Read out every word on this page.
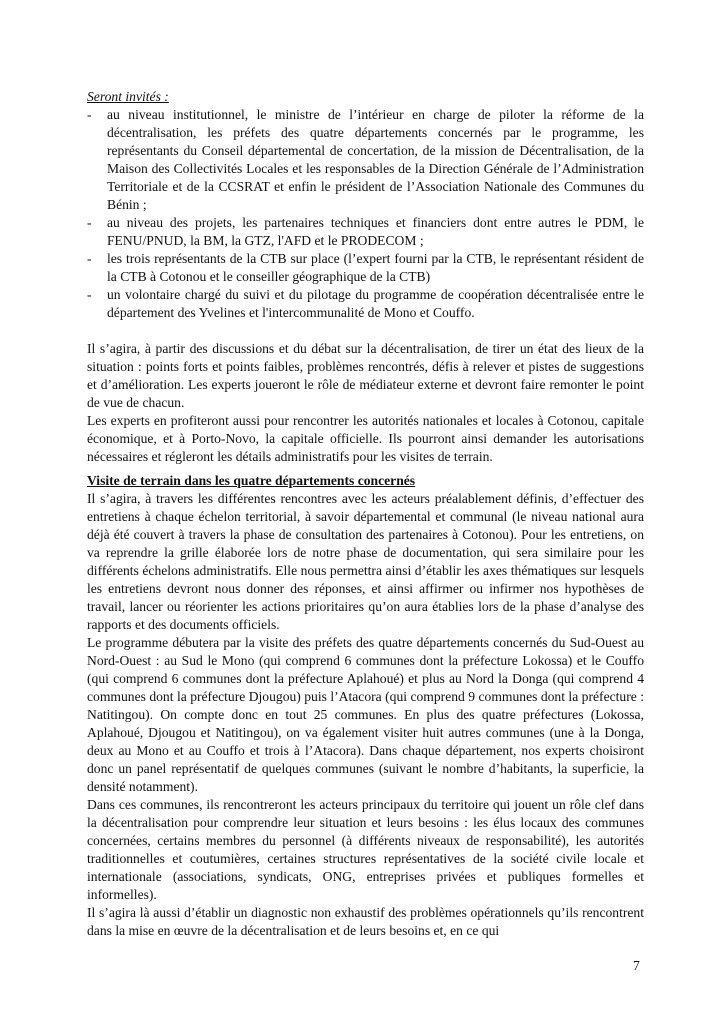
Seront invités :

- au niveau institutionnel, le ministre de l’intérieur en charge de piloter la réforme de la décentralisation, les préfets des quatre départements concernés par le programme, les représentants du Conseil départemental de concertation, de la mission de Décentralisation, de la Maison des Collectivités Locales et les responsables de la Direction Générale de l’Administration Territoriale et de la CCSRAT et enfin le président de l’Association Nationale des Communes du Bénin ;
- au niveau des projets, les partenaires techniques et financiers dont entre autres le PDM, le FENU/PNUD, la BM, la GTZ, l'AFD et le PRODECOM ;
- les trois représentants de la CTB sur place (l’expert fourni par la CTB, le représentant résident de la CTB à Cotonou et le conseiller géographique de la CTB)
- un volontaire chargé du suivi et du pilotage du programme de coopération décentralisée entre le département des Yvelines et l'intercommunalité de Mono et Couffo.

Il s’agira, à partir des discussions et du débat sur la décentralisation, de tirer un état des lieux de la situation : points forts et points faibles, problèmes rencontrés, défis à relever et pistes de suggestions et d’amélioration. Les experts joueront le rôle de médiateur externe et devront faire remonter le point de vue de chacun.

Les experts en profiteront aussi pour rencontrer les autorités nationales et locales à Cotonou, capitale économique, et à Porto-Novo, la capitale officielle. Ils pourront ainsi demander les autorisations nécessaires et régleront les détails administratifs pour les visites de terrain.

Visite de terrain dans les quatre départements concernés

Il s’agira, à travers les différentes rencontres avec les acteurs préalablement définis, d’effectuer des entretiens à chaque échelon territorial, à savoir départemental et communal (le niveau national aura déjà été couvert à travers la phase de consultation des partenaires à Cotonou). Pour les entretiens, on va reprendre la grille élaborée lors de notre phase de documentation, qui sera similaire pour les différents échelons administratifs. Elle nous permettra ainsi d’établir les axes thématiques sur lesquels les entretiens devront nous donner des réponses, et ainsi affirmer ou infirmer nos hypothèses de travail, lancer ou réorienter les actions prioritaires qu’on aura établies lors de la phase d’analyse des rapports et des documents officiels.

Le programme débutera par la visite des préfets des quatre départements concernés du Sud-Ouest au Nord-Ouest : au Sud le Mono (qui comprend 6 communes dont la préfecture Lokossa) et le Couffo (qui comprend 6 communes dont la préfecture Aplahoué) et plus au Nord la Donga (qui comprend 4 communes dont la préfecture Djougou) puis l’Atacora (qui comprend 9 communes dont la préfecture : Natitingou). On compte donc en tout 25 communes. En plus des quatre préfectures (Lokossa, Aplahoué, Djougou et Natitingou), on va également visiter huit autres communes (une à la Donga, deux au Mono et au Couffo et trois à l’Atacora). Dans chaque département, nos experts choisiront donc un panel représentatif de quelques communes (suivant le nombre d’habitants, la superficie, la densité notamment).

Dans ces communes, ils rencontreront les acteurs principaux du territoire qui jouent un rôle clef dans la décentralisation pour comprendre leur situation et leurs besoins : les élus locaux des communes concernées, certains membres du personnel (à différents niveaux de responsabilité), les autorités traditionnelles et coutumières, certaines structures représentatives de la société civile locale et internationale (associations, syndicats, ONG, entreprises privées et publiques formelles et informelles).

Il s’agira là aussi d’établir un diagnostic non exhaustif des problèmes opérationnels qu’ils rencontrent dans la mise en œuvre de la décentralisation et de leurs besoins et, en ce qui

7
